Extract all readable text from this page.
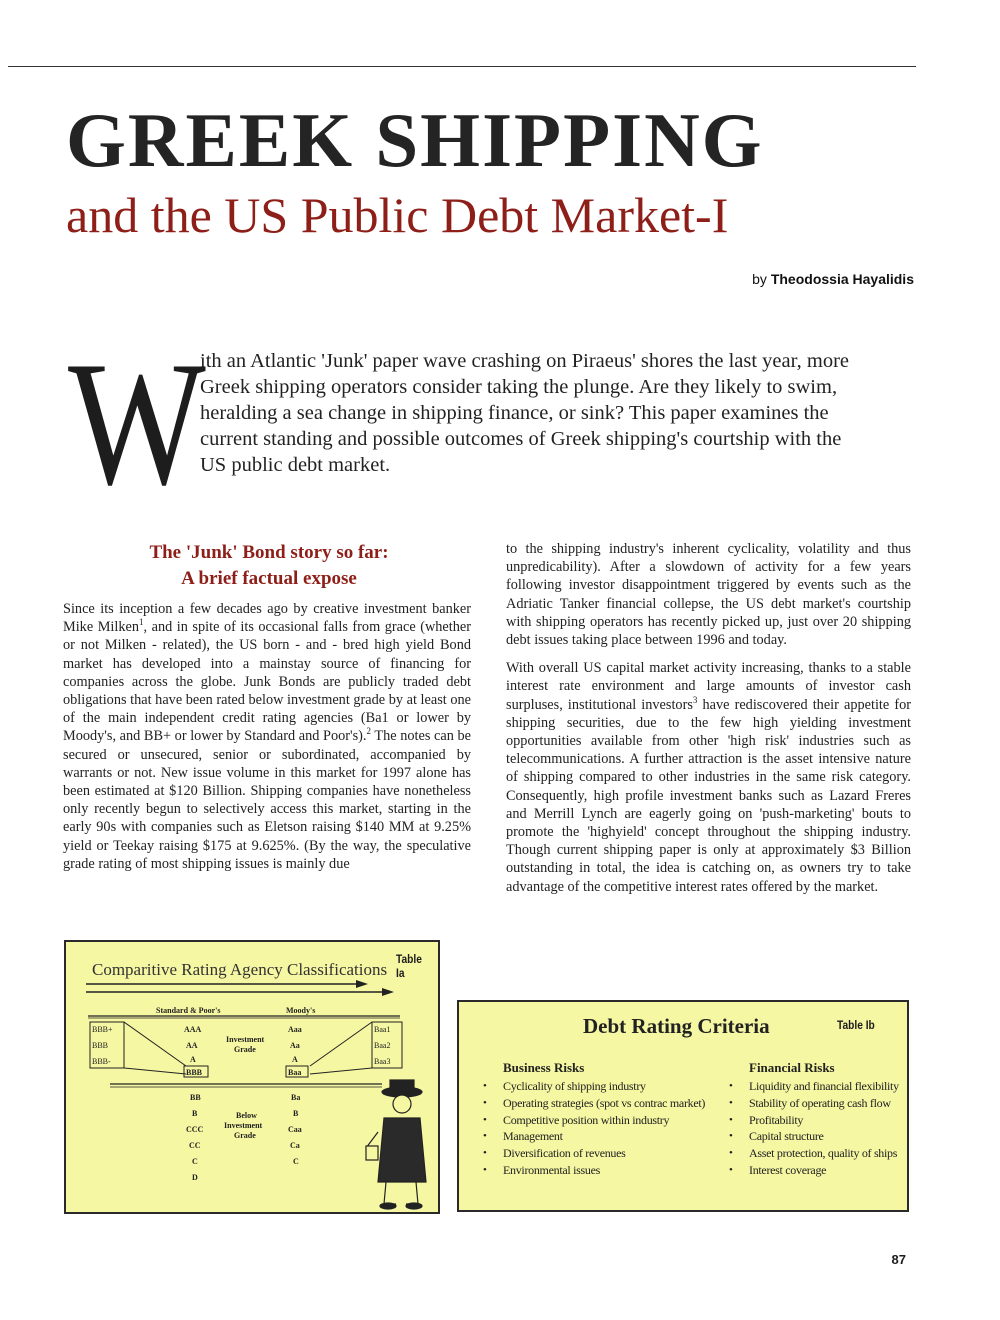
GREEK SHIPPING
and the US Public Debt Market-I
by Theodossia Hayalidis
W
ith an Atlantic 'Junk' paper wave crashing on Piraeus' shores the last year, more
Greek shipping operators consider taking the plunge. Are they likely to swim,
heralding a sea change in shipping finance, or sink? This paper examines the
current standing and possible outcomes of Greek shipping's courtship with the
US public debt market.
The 'Junk' Bond story so far:
A brief factual expose

Since its inception a few decades ago by creative investment banker Mike Milken$^1$, and in spite of its occasional falls from grace (whether or not Milken - related), the US born - and - bred high yield Bond market has developed into a mainstay source of financing for companies across the globe. Junk Bonds are publicly traded debt obligations that have been rated below investment grade by at least one of the main independent credit rating agencies (Ba1 or lower by Moody's, and BB+ or lower by Standard and Poor's).$^2$ The notes can be secured or unsecured, senior or subordinated, accompanied by warrants or not. New issue volume in this market for 1997 alone has been estimated at $120 Billion. Shipping companies have nonetheless only recently begun to selectively access this market, starting in the early 90s with companies such as Eletson raising $140 MM at 9.25% yield or Teekay raising $175 at 9.625%. (By the way, the speculative grade rating of most shipping issues is mainly due

to the shipping industry's inherent cyclicality, volatility and thus unpredicability). After a slowdown of activity for a few years following investor disappointment triggered by events such as the Adriatic Tanker financial collepse, the US debt market's courtship with shipping operators has recently picked up, just over 20 shipping debt issues taking place between 1996 and today.

With overall US capital market activity increasing, thanks to a stable interest rate environment and large amounts of investor cash surpluses, institutional investors$^3$ have rediscovered their appetite for shipping securities, due to the few high yielding investment opportunities available from other 'high risk' industries such as telecommunications. A further attraction is the asset intensive nature of shipping compared to other industries in the same risk category. Consequently, high profile investment banks such as Lazard Freres and Merrill Lynch are eagerly going on 'push-marketing' bouts to promote the 'highyield' concept throughout the shipping industry. Though current shipping paper is only at approximately $3 Billion outstanding in total, the idea is catching on, as owners try to take advantage of the competitive interest rates offered by the market.

Table Ia
Comparitive Rating Agency Classifications
Standard & Poor's	Moody's
BBB+
BBB
BBB-
Baa1
Baa2
Baa3
AAA
AA
A
BBB
Aaa
Aa
A
Baa
Investment
Grade
BB
B
CCC
CC
C
D
Ba
B
Caa
Ca
C
Below
Investment
Grade
Debt Rating Criteria	Table Ib
Business Risks
• Cyclicality of shipping industry
• Operating strategies (spot vs contrac market)
• Competitive position within industry
• Management
• Diversification of revenues
• Environmental issues
Financial Risks
• Liquidity and financial flexibility
• Stability of operating cash flow
• Profitability
• Capital structure
• Asset protection, quality of ships
• Interest coverage
87
